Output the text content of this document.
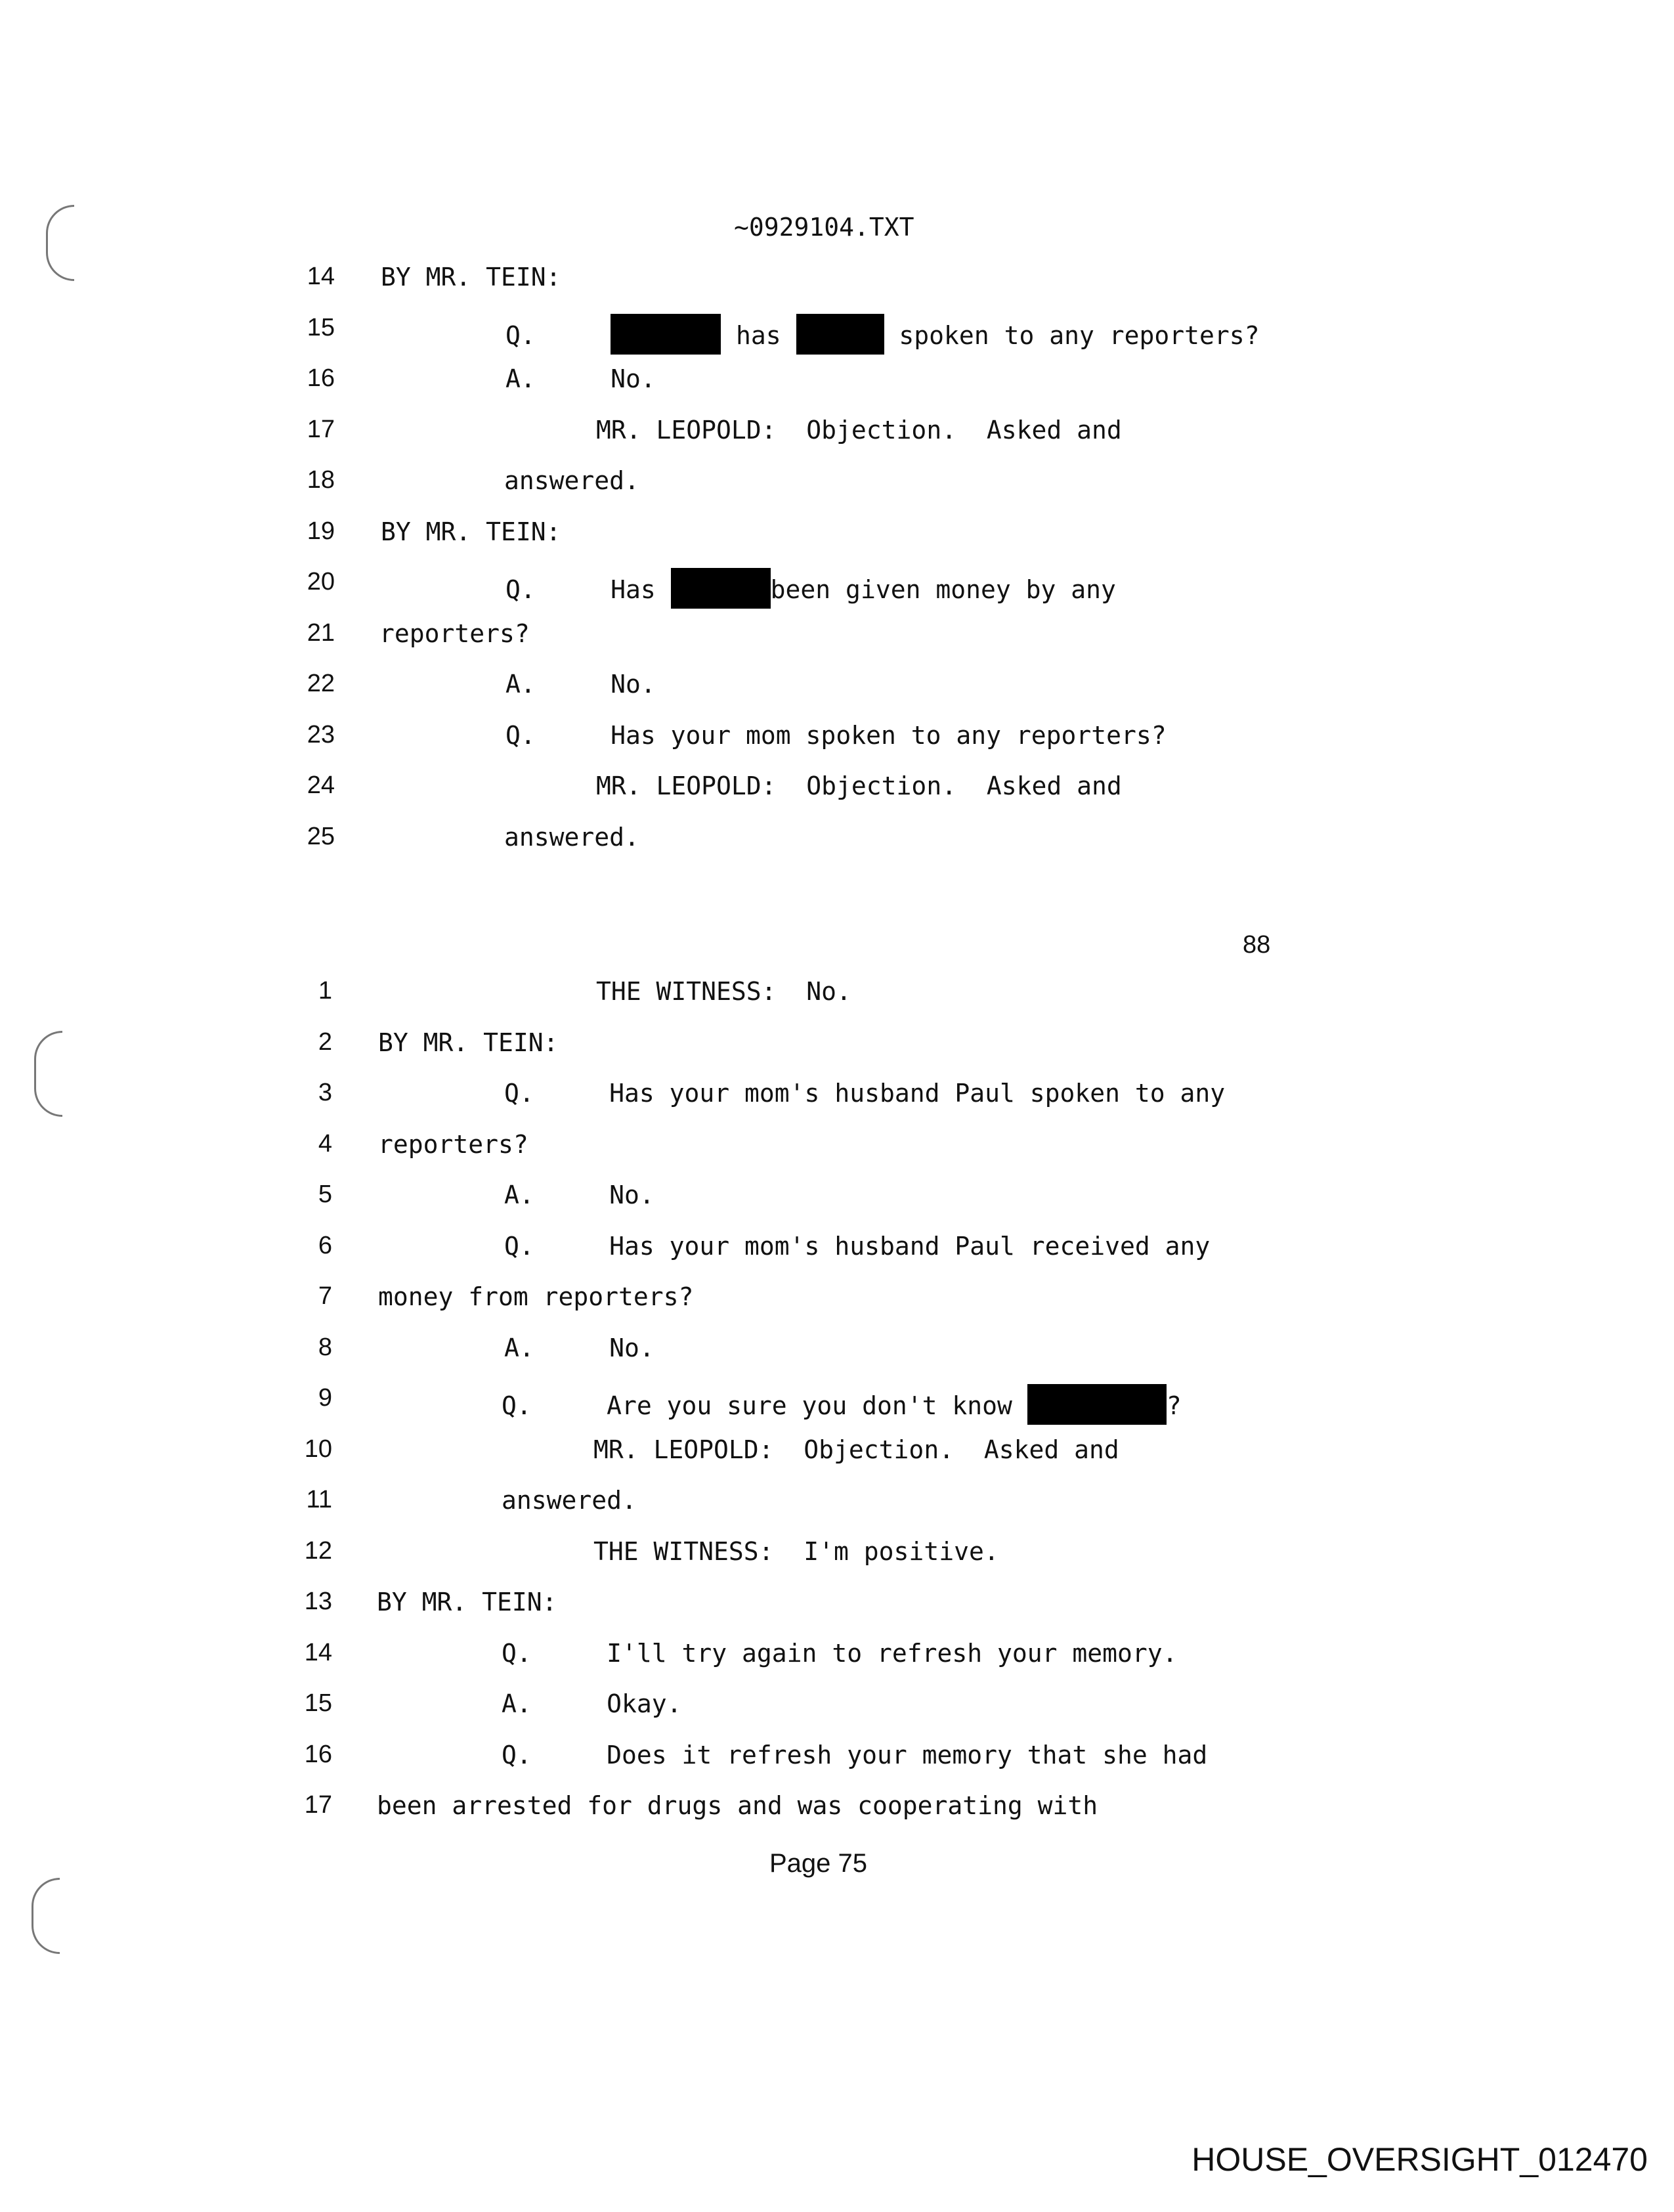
~0929104.TXT
14 BY MR. TEIN:
15	Q.	has	spoken to any reporters?
16	A.     No.
17	MR. LEOPOLD:  Objection.  Asked and
18	answered.
19 BY MR. TEIN:
20	Q.     Has	been given money by any
21 reporters?
22	A.     No.
23	Q.     Has your mom spoken to any reporters?
24	MR. LEOPOLD:  Objection.  Asked and
25	answered.
88
1	THE WITNESS:  No.
2 BY MR. TEIN:
3	Q.     Has your mom's husband Paul spoken to any
4 reporters?
5	A.     No.
6	Q.     Has your mom's husband Paul received any
7 money from reporters?
8	A.     No.
9	Q.     Are you sure you don't know	?
10	MR. LEOPOLD:  Objection.  Asked and
11	answered.
12	THE WITNESS:  I'm positive.
13 BY MR. TEIN:
14	Q.     I'll try again to refresh your memory.
15	A.     Okay.
16	Q.     Does it refresh your memory that she had
17 been arrested for drugs and was cooperating with
Page 75
HOUSE_OVERSIGHT_012470
